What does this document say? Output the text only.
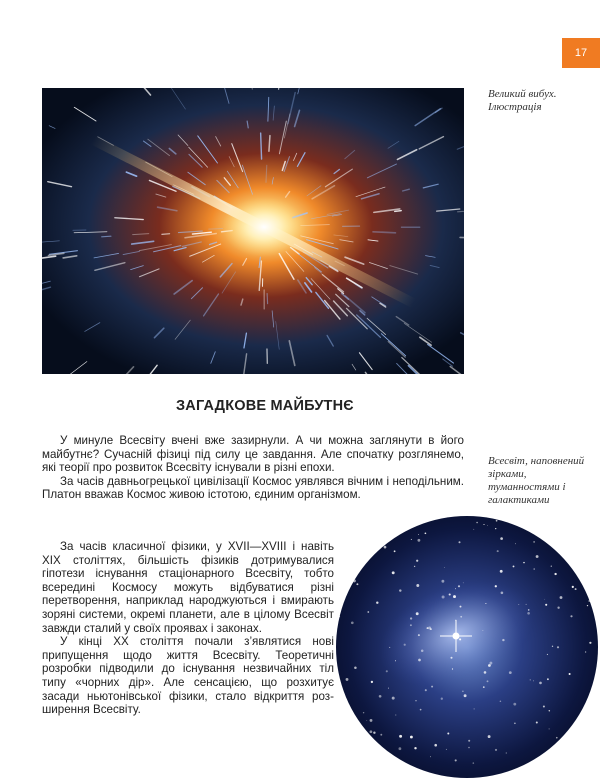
17
Великий вибух. Ілюстрація
ЗАГАДКОВЕ МАЙБУТНЄ
Всесвіт, наповнений зірками, туманностями і галактиками

У минуле Всесвіту вчені вже зазирнули. А чи можна заглянути в його майбутнє? Сучасній фізиці під силу це завдання. Але спочатку розглянемо, які теорії про розвиток Всесвіту існували в різні епохи.

За часів давньогрецької цивілізації Космос уявлявся вічним і неподільним. Платон вважав Космос живою істотою, єдиним організмом.

За часів класичної фізики, у XVII—XVIII і навіть XIX століттях, більшість фізиків дотримувалися гіпотези існування стаціонарного Всесвіту, тобто всередині Космосу можуть відбуватися різні перетворення, наприклад народжуються і вмирають зоряні системи, окремі планети, але в цілому Всесвіт завжди сталий у своїх проявах і законах.

У кінці ХХ століття почали з’являтися нові припущення щодо життя Всесвіту. Теоретичні розробки підводили до існування незвичайних тіл типу «чорних дір». Але сенсацією, що розхитує засади ньютонівської фізики, стало відкриття розширення Всесвіту.
